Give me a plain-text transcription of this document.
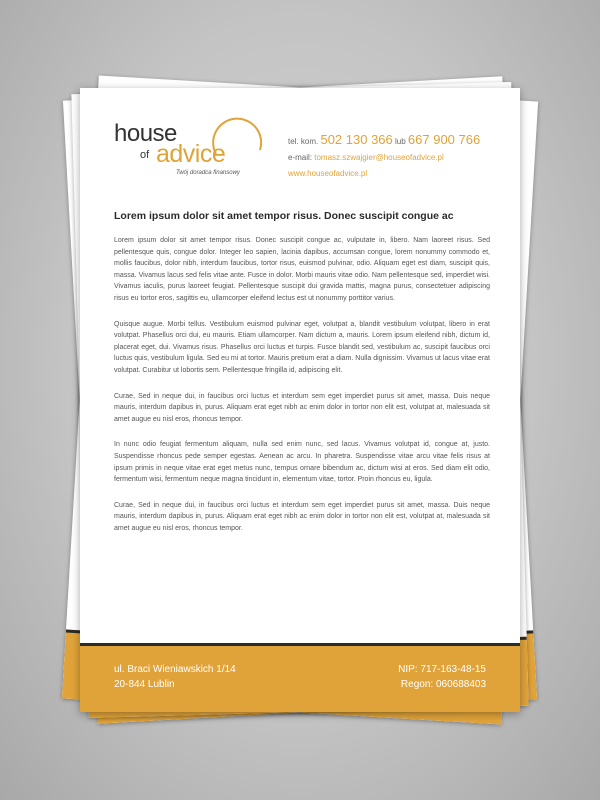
house
of advice
Twój doradca finansowy
tel. kom. 502 130 366 lub 667 900 766
e-mail: tomasz.szwajgier@houseofadvice.pl
www.houseofadvice.pl
Lorem ipsum dolor sit amet tempor risus. Donec suscipit congue ac

Lorem ipsum dolor sit amet tempor risus. Donec suscipit congue ac, vulputate in, libero. Nam laoreet risus. Sed pellentesque quis, congue dolor. Integer leo sapien, lacinia dapibus, accumsan congue, lorem nonummy commodo et, mollis faucibus, dolor nibh, interdum faucibus, tortor risus, euismod pulvinar, odio. Aliquam eget est diam, suscipit quis, massa. Vivamus lacus sed felis vitae ante. Fusce in dolor. Morbi mauris vitae odio. Nam pellentesque sed, imperdiet wisi. Vivamus iaculis, purus laoreet feugiat. Pellentesque suscipit dui gravida mattis, magna purus, consectetuer adipiscing risus eu tortor eros, sagittis eu, ullamcorper eleifend lectus est ut nonummy porttitor varius.

Quisque augue. Morbi tellus. Vestibulum euismod pulvinar eget, volutpat a, blandit vestibulum volutpat, libero in erat volutpat. Phasellus orci dui, eu mauris. Etiam ullamcorper. Nam dictum a, mauris. Lorem ipsum eleifend nibh, dictum id, placerat eget, dui. Vivamus risus. Phasellus orci luctus et turpis. Fusce blandit sed, vestibulum ac, suscipit faucibus orci luctus quis, vestibulum ligula. Sed eu mi at tortor. Mauris pretium erat a diam. Nulla dignissim. Vivamus ut lacus vitae erat volutpat. Curabitur ut lobortis sem. Pellentesque fringilla id, adipiscing elit.

Curae, Sed in neque dui, in faucibus orci luctus et interdum sem eget imperdiet purus sit amet, massa. Duis neque mauris, interdum dapibus in, purus. Aliquam erat eget nibh ac enim dolor in tortor non elit est, volutpat at, malesuada sit amet augue eu nisl eros, rhoncus tempor.

In nunc odio feugiat fermentum aliquam, nulla sed enim nunc, sed lacus. Vivamus volutpat id, congue at, justo. Suspendisse rhoncus pede semper egestas. Aenean ac arcu. In pharetra. Suspendisse vitae arcu vitae felis risus at ipsum primis in neque vitae erat eget metus nunc, tempus ornare bibendum ac, dictum wisi at eros. Sed diam elit odio, fermentum wisi, fermentum neque magna tincidunt in, elementum vitae, tortor. Proin rhoncus eu, ligula.

Curae, Sed in neque dui, in faucibus orci luctus et interdum sem eget imperdiet purus sit amet, massa. Duis neque mauris, interdum dapibus in, purus. Aliquam erat eget nibh ac enim dolor in tortor non elit est, volutpat at, malesuada sit amet augue eu nisl eros, rhoncus tempor.

ul. Braci Wieniawskich 1/14
20-844 Lublin
NIP: 717-163-48-15
Regon: 060688403
